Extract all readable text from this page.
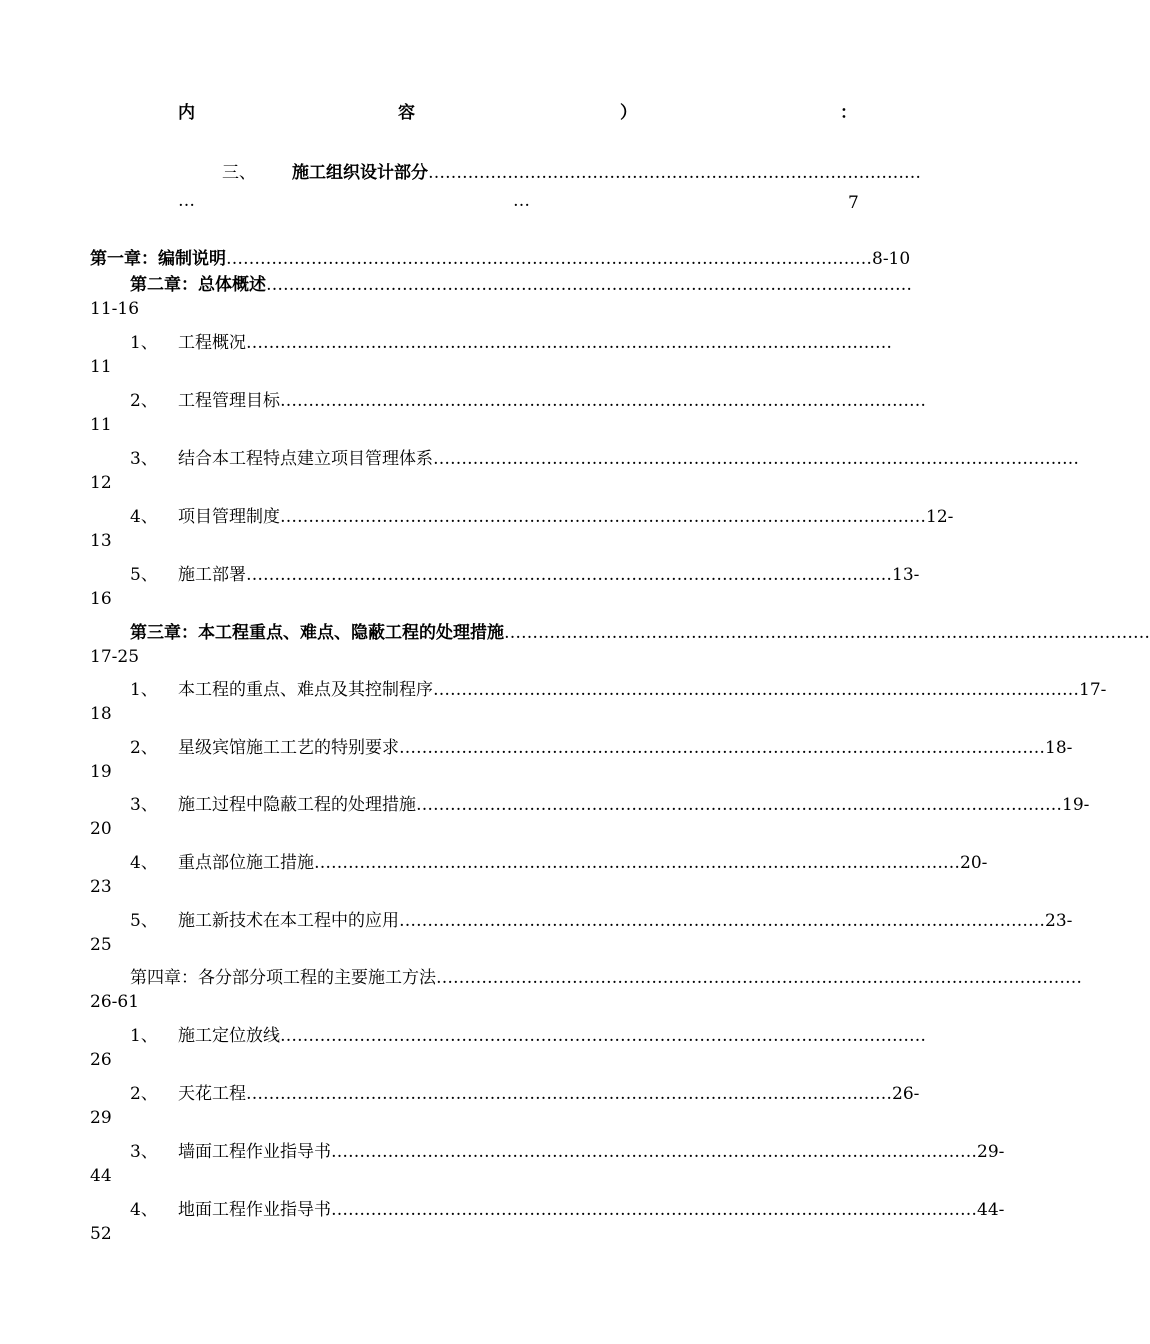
内	容	）	：
三、	施工组织设计部分 ……………………………………………………………………………
…	…	7
第一章：编制说明 …………………………………………………………………………………………………… 8-10
第二章：总体概述 ……………………………………………………………………………………………………
11-16
1、	工程概况 ……………………………………………………………………………………………………
11
2、	工程管理目标 ……………………………………………………………………………………………………
11
3、	结合本工程特点建立项目管理体系 ……………………………………………………………………………………………………
12
4、	项目管理制度 …………………………………………………………………………………………………… 12-
13
5、	施工部署 …………………………………………………………………………………………………… 13-
16
第三章：本工程重点、难点、隐蔽工程的处理措施 ……………………………………………………………………………………………………
17-25
1、	本工程的重点、难点及其控制程序 …………………………………………………………………………………………………… 17-
18
2、	星级宾馆施工工艺的特别要求 …………………………………………………………………………………………………… 18-
19
3、	施工过程中隐蔽工程的处理措施 …………………………………………………………………………………………………… 19-
20
4、	重点部位施工措施 …………………………………………………………………………………………………… 20-
23
5、	施工新技术在本工程中的应用 …………………………………………………………………………………………………… 23-
25
第四章：各分部分项工程的主要施工方法 ……………………………………………………………………………………………………
26-61
1、	施工定位放线 ……………………………………………………………………………………………………
26
2、	天花工程 …………………………………………………………………………………………………… 26-
29
3、	墙面工程作业指导书 …………………………………………………………………………………………………… 29-
44
4、	地面工程作业指导书 …………………………………………………………………………………………………… 44-
52
